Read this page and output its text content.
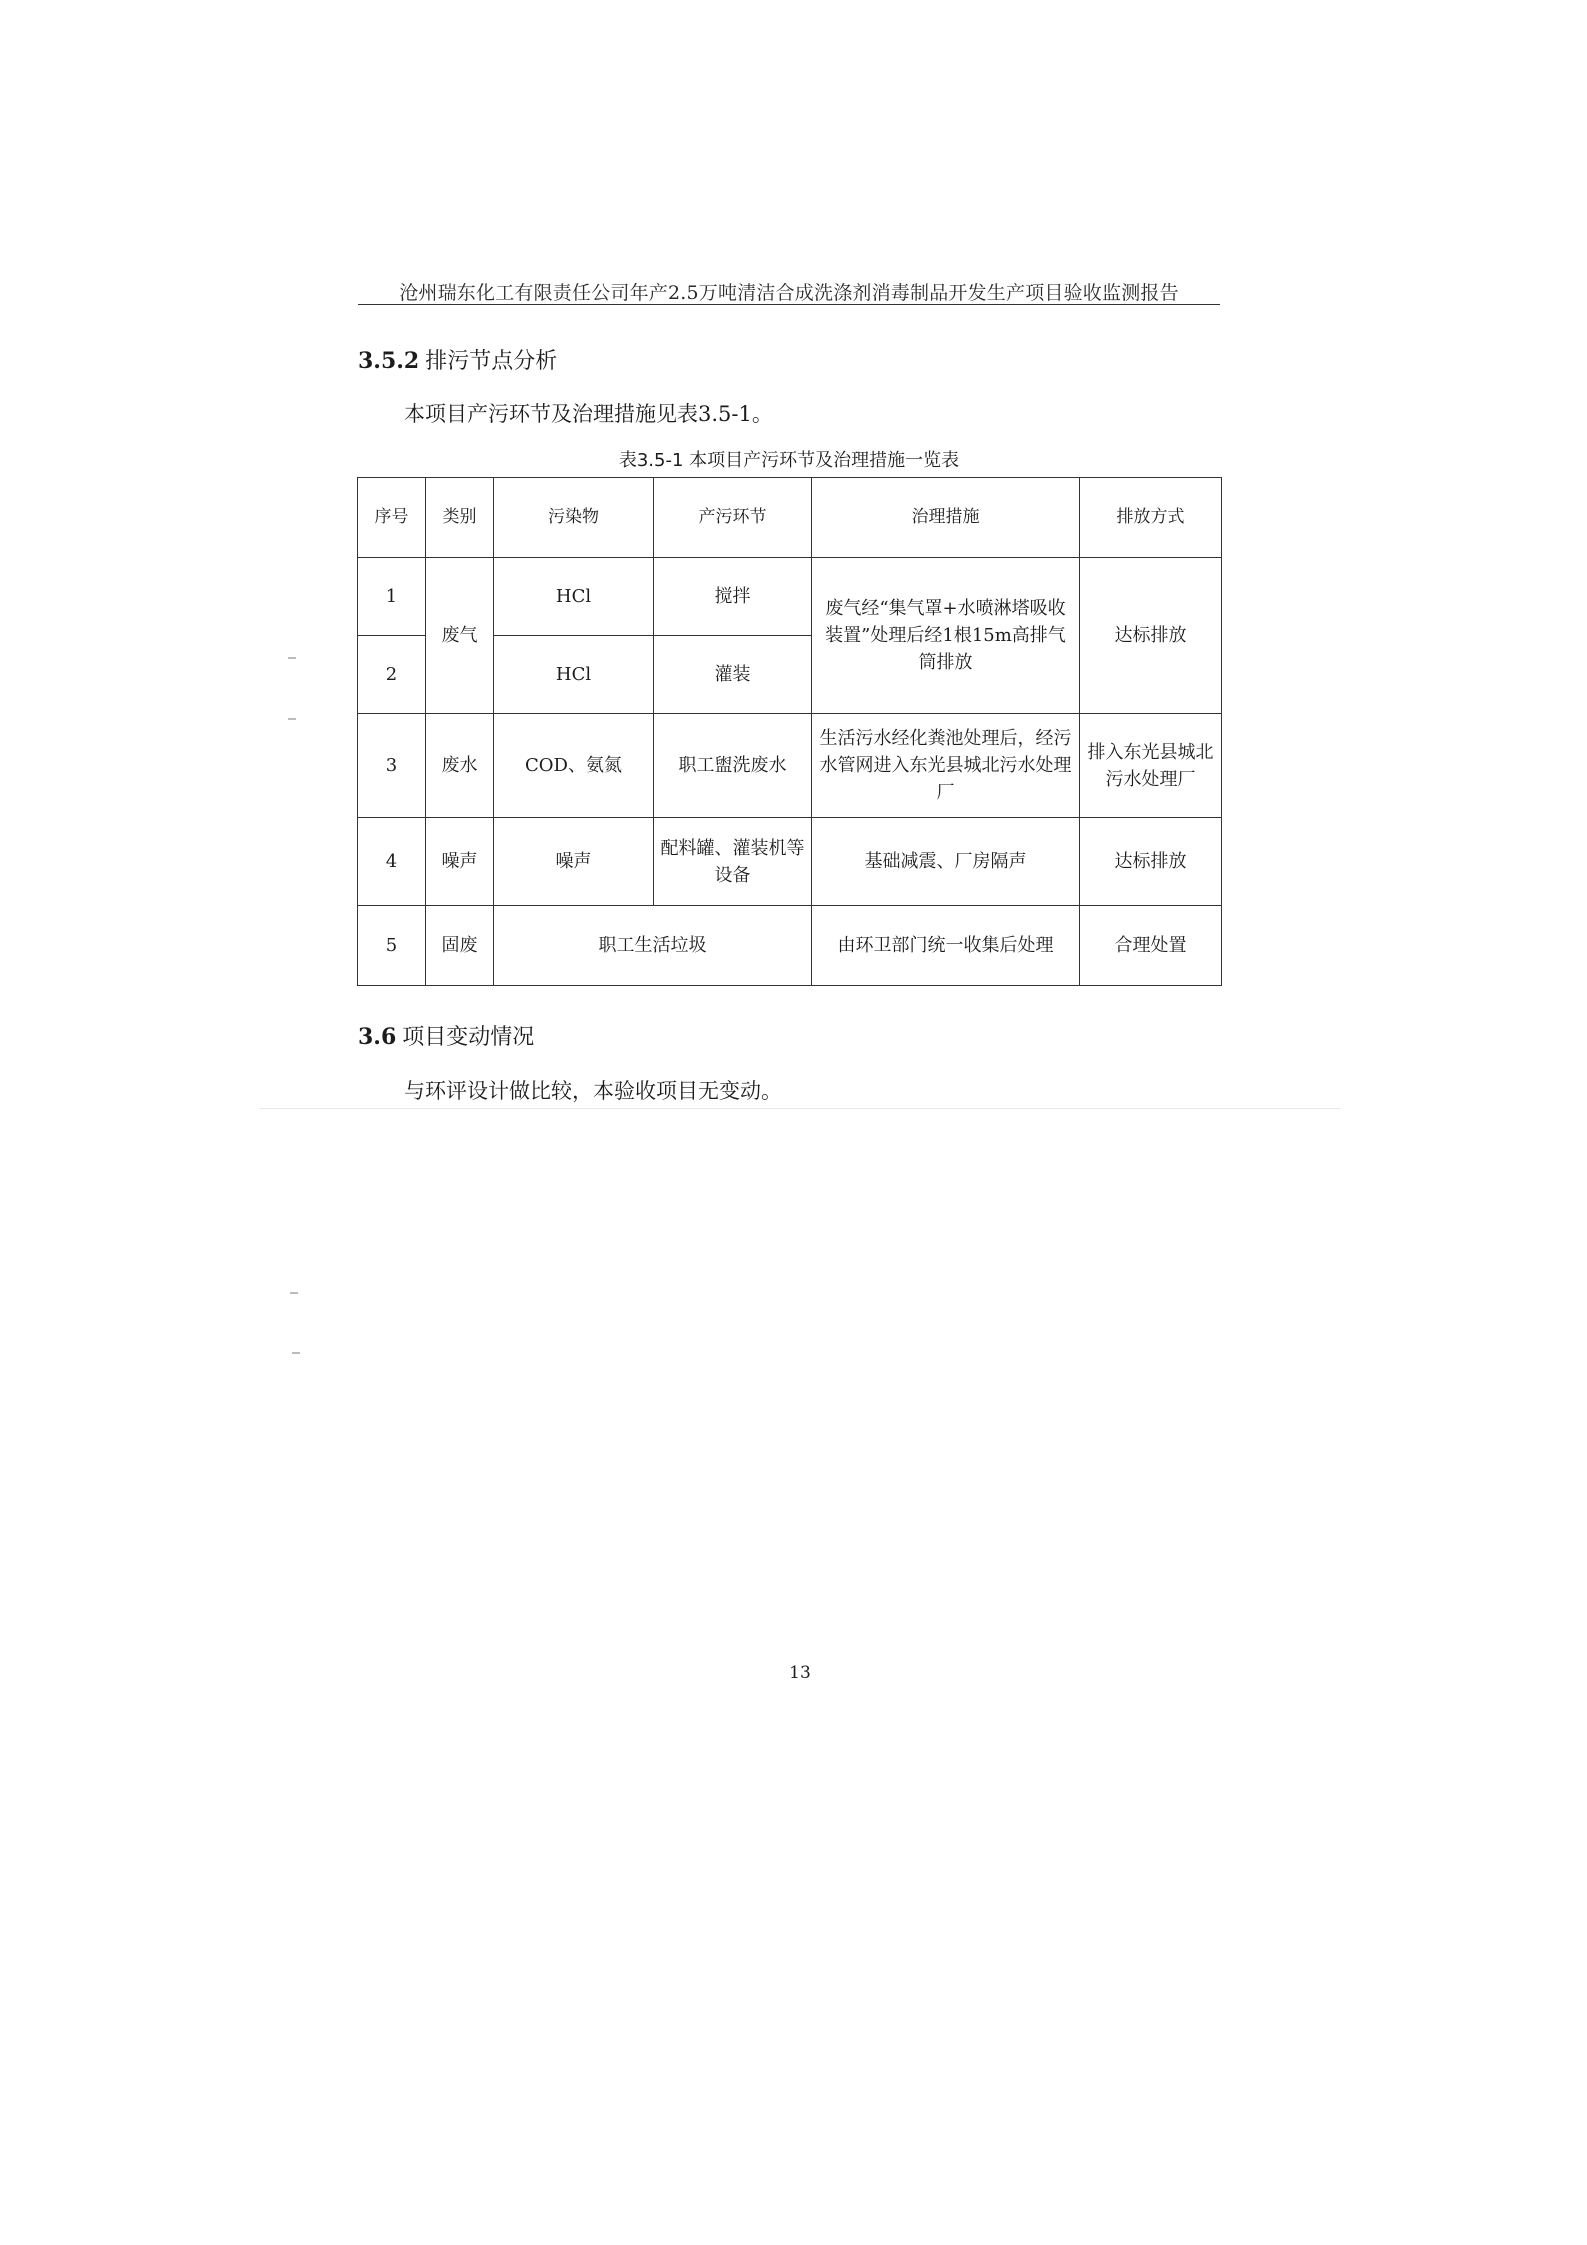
沧州瑞东化工有限责任公司年产2.5万吨清洁合成洗涤剂消毒制品开发生产项目验收监测报告
3.5.2 排污节点分析
本项目产污环节及治理措施见表3.5-1。
表3.5-1 本项目产污环节及治理措施一览表
序号	类别	污染物	产污环节	治理措施	排放方式
1	废气	HCl	搅拌	废气经“集气罩+水喷淋塔吸收装置”处理后经1根15m高排气筒排放	达标排放
2		HCl	灌装		
3	废水	COD、氨氮	职工盥洗废水	生活污水经化粪池处理后，经污水管网进入东光县城北污水处理厂	排入东光县城北污水处理厂
4	噪声	噪声	配料罐、灌装机等设备	基础减震、厂房隔声	达标排放
5	固废	职工生活垃圾		由环卫部门统一收集后处理	合理处置
3.6 项目变动情况
与环评设计做比较，本验收项目无变动。
13
